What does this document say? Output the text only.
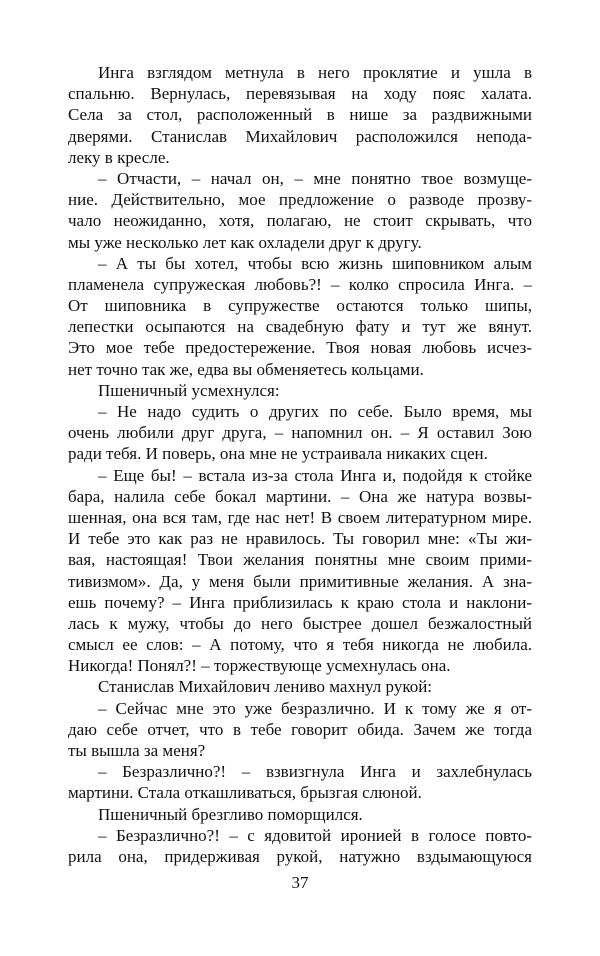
Инга взглядом метнула в него проклятие и ушла в
спальню. Вернулась, перевязывая на ходу пояс халата.
Села за стол, расположенный в нише за раздвижными
дверями. Станислав Михайлович расположился непода-
леку в кресле.
– Отчасти, – начал он, – мне понятно твое возмуще-
ние. Действительно, мое предложение о разводе прозву-
чало неожиданно, хотя, полагаю, не стоит скрывать, что
мы уже несколько лет как охладели друг к другу.
– А ты бы хотел, чтобы всю жизнь шиповником алым
пламенела супружеская любовь?! – колко спросила Инга. –
От шиповника в супружестве остаются только шипы,
лепестки осыпаются на свадебную фату и тут же вянут.
Это мое тебе предостережение. Твоя новая любовь исчез-
нет точно так же, едва вы обменяетесь кольцами.
Пшеничный усмехнулся:
– Не надо судить о других по себе. Было время, мы
очень любили друг друга, – напомнил он. – Я оставил Зою
ради тебя. И поверь, она мне не устраивала никаких сцен.
– Еще бы! – встала из-за стола Инга и, подойдя к стойке
бара, налила себе бокал мартини. – Она же натура возвы-
шенная, она вся там, где нас нет! В своем литературном мире.
И тебе это как раз не нравилось. Ты говорил мне: «Ты жи-
вая, настоящая! Твои желания понятны мне своим прими-
тивизмом». Да, у меня были примитивные желания. А зна-
ешь почему? – Инга приблизилась к краю стола и наклони-
лась к мужу, чтобы до него быстрее дошел безжалостный
смысл ее слов: – А потому, что я тебя никогда не любила.
Никогда! Понял?! – торжествующе усмехнулась она.
Станислав Михайлович лениво махнул рукой:
– Сейчас мне это уже безразлично. И к тому же я от-
даю себе отчет, что в тебе говорит обида. Зачем же тогда
ты вышла за меня?
– Безразлично?! – взвизгнула Инга и захлебнулась
мартини. Стала откашливаться, брызгая слюной.
Пшеничный брезгливо поморщился.
– Безразлично?! – с ядовитой иронией в голосе повто-
рила она, придерживая рукой, натужно вздымающуюся
37
